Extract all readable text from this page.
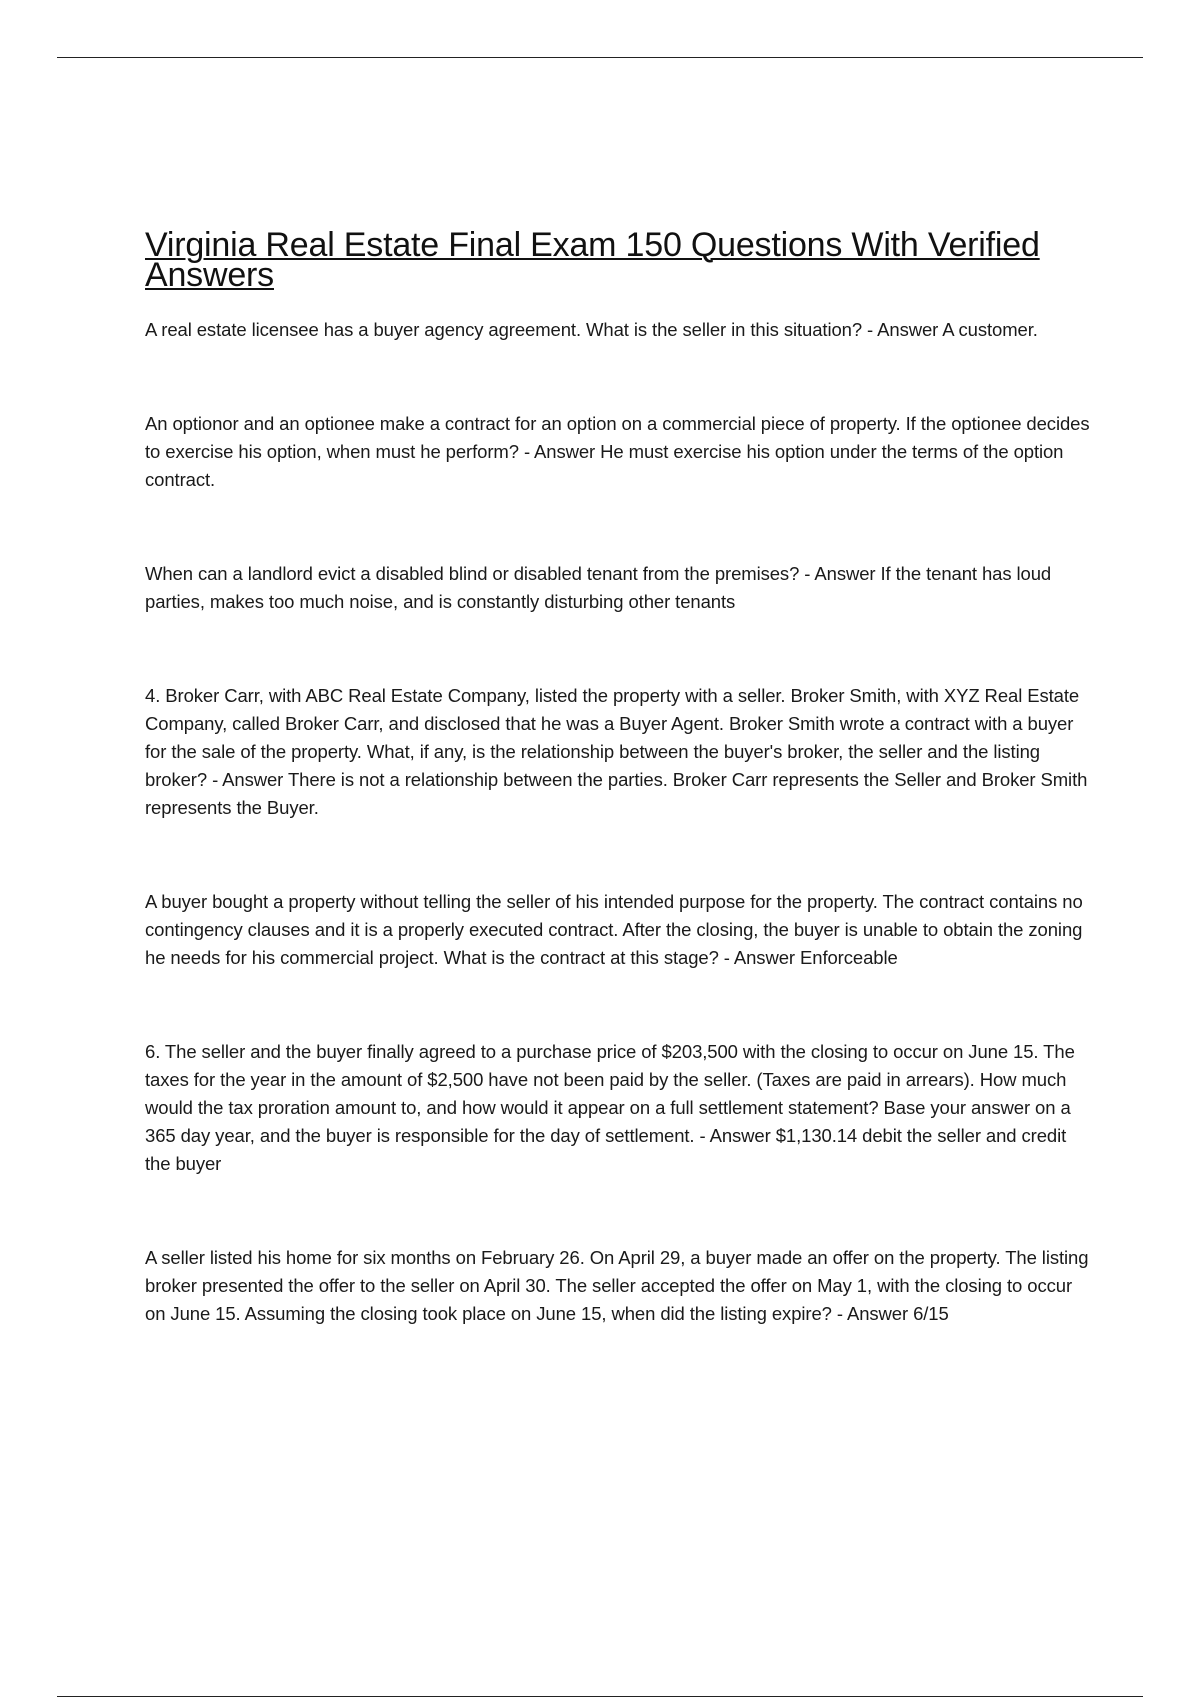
Virginia Real Estate Final Exam 150 Questions With Verified Answers

A real estate licensee has a buyer agency agreement. What is the seller in this situation? - Answer A customer.

An optionor and an optionee make a contract for an option on a commercial piece of property. If the optionee decides to exercise his option, when must he perform? - Answer He must exercise his option under the terms of the option contract.

When can a landlord evict a disabled blind or disabled tenant from the premises? - Answer If the tenant has loud parties, makes too much noise, and is constantly disturbing other tenants

4. Broker Carr, with ABC Real Estate Company, listed the property with a seller. Broker Smith, with XYZ Real Estate Company, called Broker Carr, and disclosed that he was a Buyer Agent. Broker Smith wrote a contract with a buyer for the sale of the property. What, if any, is the relationship between the buyer's broker, the seller and the listing broker? - Answer There is not a relationship between the parties. Broker Carr represents the Seller and Broker Smith represents the Buyer.

A buyer bought a property without telling the seller of his intended purpose for the property. The contract contains no contingency clauses and it is a properly executed contract. After the closing, the buyer is unable to obtain the zoning he needs for his commercial project. What is the contract at this stage? - Answer Enforceable

6. The seller and the buyer finally agreed to a purchase price of $203,500 with the closing to occur on June 15. The taxes for the year in the amount of $2,500 have not been paid by the seller. (Taxes are paid in arrears). How much would the tax proration amount to, and how would it appear on a full settlement statement? Base your answer on a 365 day year, and the buyer is responsible for the day of settlement. - Answer $1,130.14 debit the seller and credit the buyer

A seller listed his home for six months on February 26. On April 29, a buyer made an offer on the property. The listing broker presented the offer to the seller on April 30. The seller accepted the offer on May 1, with the closing to occur on June 15. Assuming the closing took place on June 15, when did the listing expire? - Answer 6/15
